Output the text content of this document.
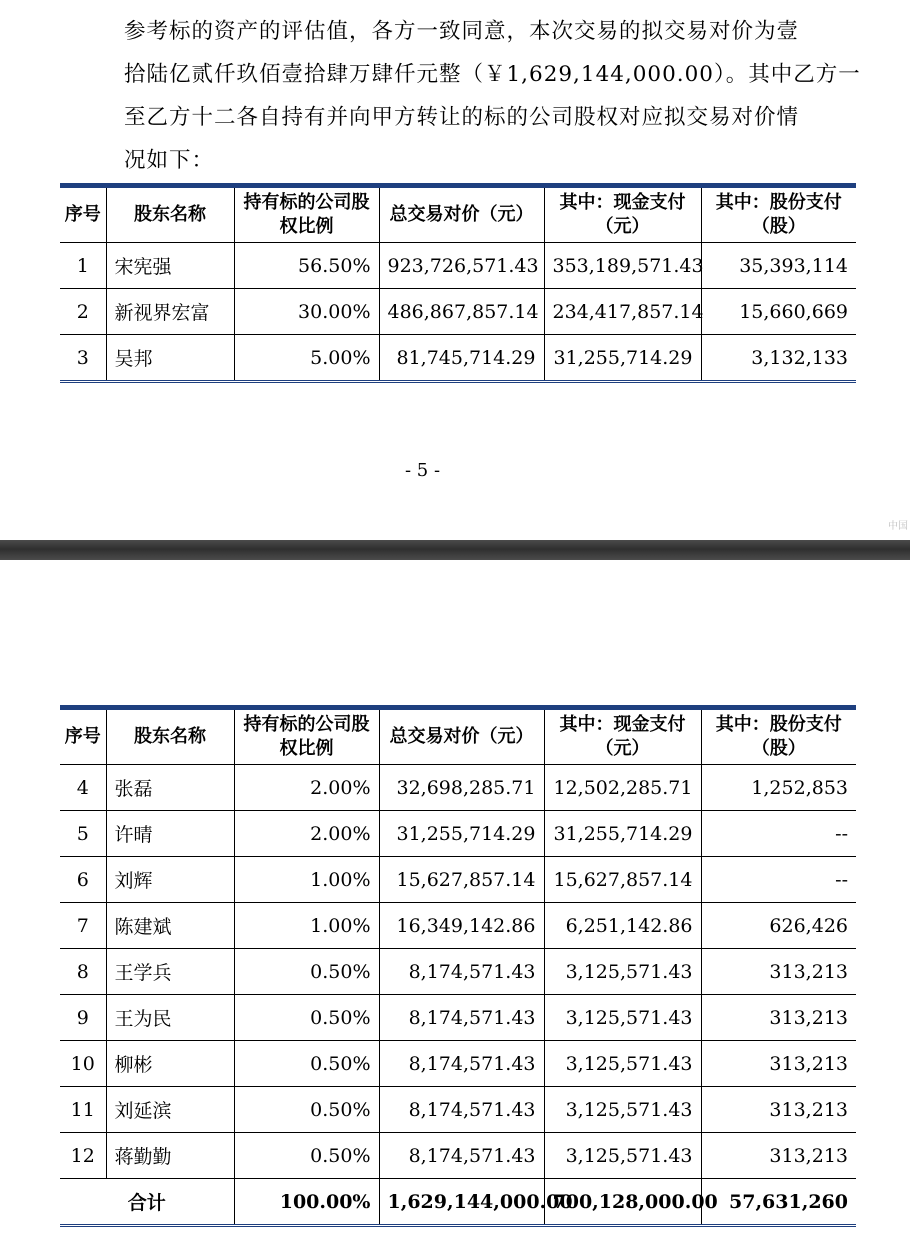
参考标的资产的评估值，各方一致同意，本次交易的拟交易对价为壹
拾陆亿贰仟玖佰壹拾肆万肆仟元整（￥1,629,144,000.00）。其中乙方一
至乙方十二各自持有并向甲方转让的标的公司股权对应拟交易对价情
况如下：
序号	股东名称	持有标的公司股权比例	总交易对价（元）	其中：现金支付（元）	其中：股份支付（股）
1	宋宪强	56.50%	923,726,571.43	353,189,571.43	35,393,114
2	新视界宏富	30.00%	486,867,857.14	234,417,857.14	15,660,669
3	吴邦	5.00%	81,745,714.29	31,255,714.29	3,132,133
- 5 -
中国
序号	股东名称	持有标的公司股权比例	总交易对价（元）	其中：现金支付（元）	其中：股份支付（股）
4	张磊	2.00%	32,698,285.71	12,502,285.71	1,252,853
5	许晴	2.00%	31,255,714.29	31,255,714.29	--
6	刘辉	1.00%	15,627,857.14	15,627,857.14	--
7	陈建斌	1.00%	16,349,142.86	6,251,142.86	626,426
8	王学兵	0.50%	8,174,571.43	3,125,571.43	313,213
9	王为民	0.50%	8,174,571.43	3,125,571.43	313,213
10	柳彬	0.50%	8,174,571.43	3,125,571.43	313,213
11	刘延滨	0.50%	8,174,571.43	3,125,571.43	313,213
12	蒋勤勤	0.50%	8,174,571.43	3,125,571.43	313,213
合计		100.00%	1,629,144,000.00	700,128,000.00	57,631,260
